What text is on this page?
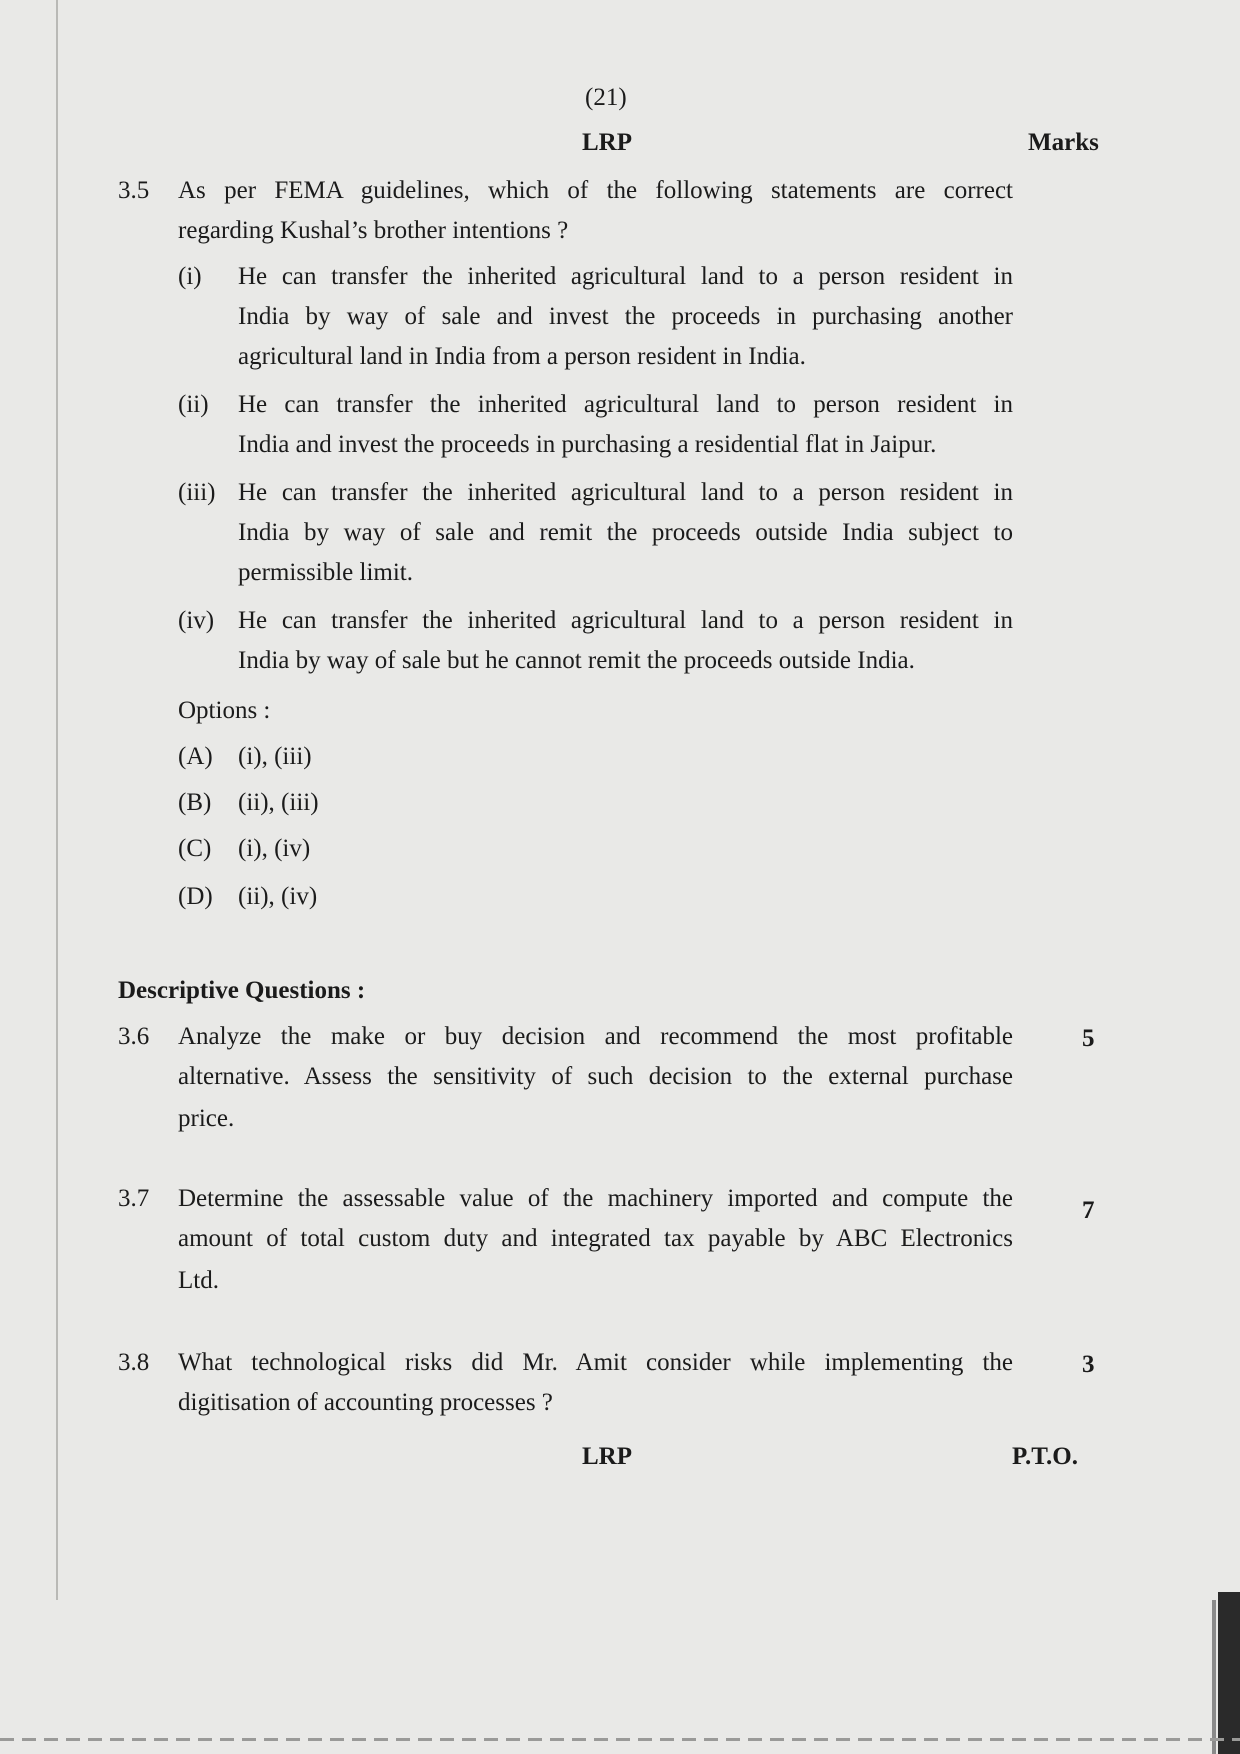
(21)
LRP	Marks
3.5 As per FEMA guidelines, which of the following statements are correct
regarding Kushal’s brother intentions ?
(i) He can transfer the inherited agricultural land to a person resident in
India by way of sale and invest the proceeds in purchasing another
agricultural land in India from a person resident in India.
(ii) He can transfer the inherited agricultural land to person resident in
India and invest the proceeds in purchasing a residential flat in Jaipur.
(iii) He can transfer the inherited agricultural land to a person resident in
India by way of sale and remit the proceeds outside India subject to
permissible limit.
(iv) He can transfer the inherited agricultural land to a person resident in
India by way of sale but he cannot remit the proceeds outside India.
Options :
(A) (i), (iii)
(B) (ii), (iii)
(C) (i), (iv)
(D) (ii), (iv)
Descriptive Questions :
3.6 Analyze the make or buy decision and recommend the most profitable
alternative. Assess the sensitivity of such decision to the external purchase
price.
5
3.7 Determine the assessable value of the machinery imported and compute the
amount of total custom duty and integrated tax payable by ABC Electronics
Ltd.
7
3.8 What technological risks did Mr. Amit consider while implementing the
digitisation of accounting processes ?
3
LRP	P.T.O.
